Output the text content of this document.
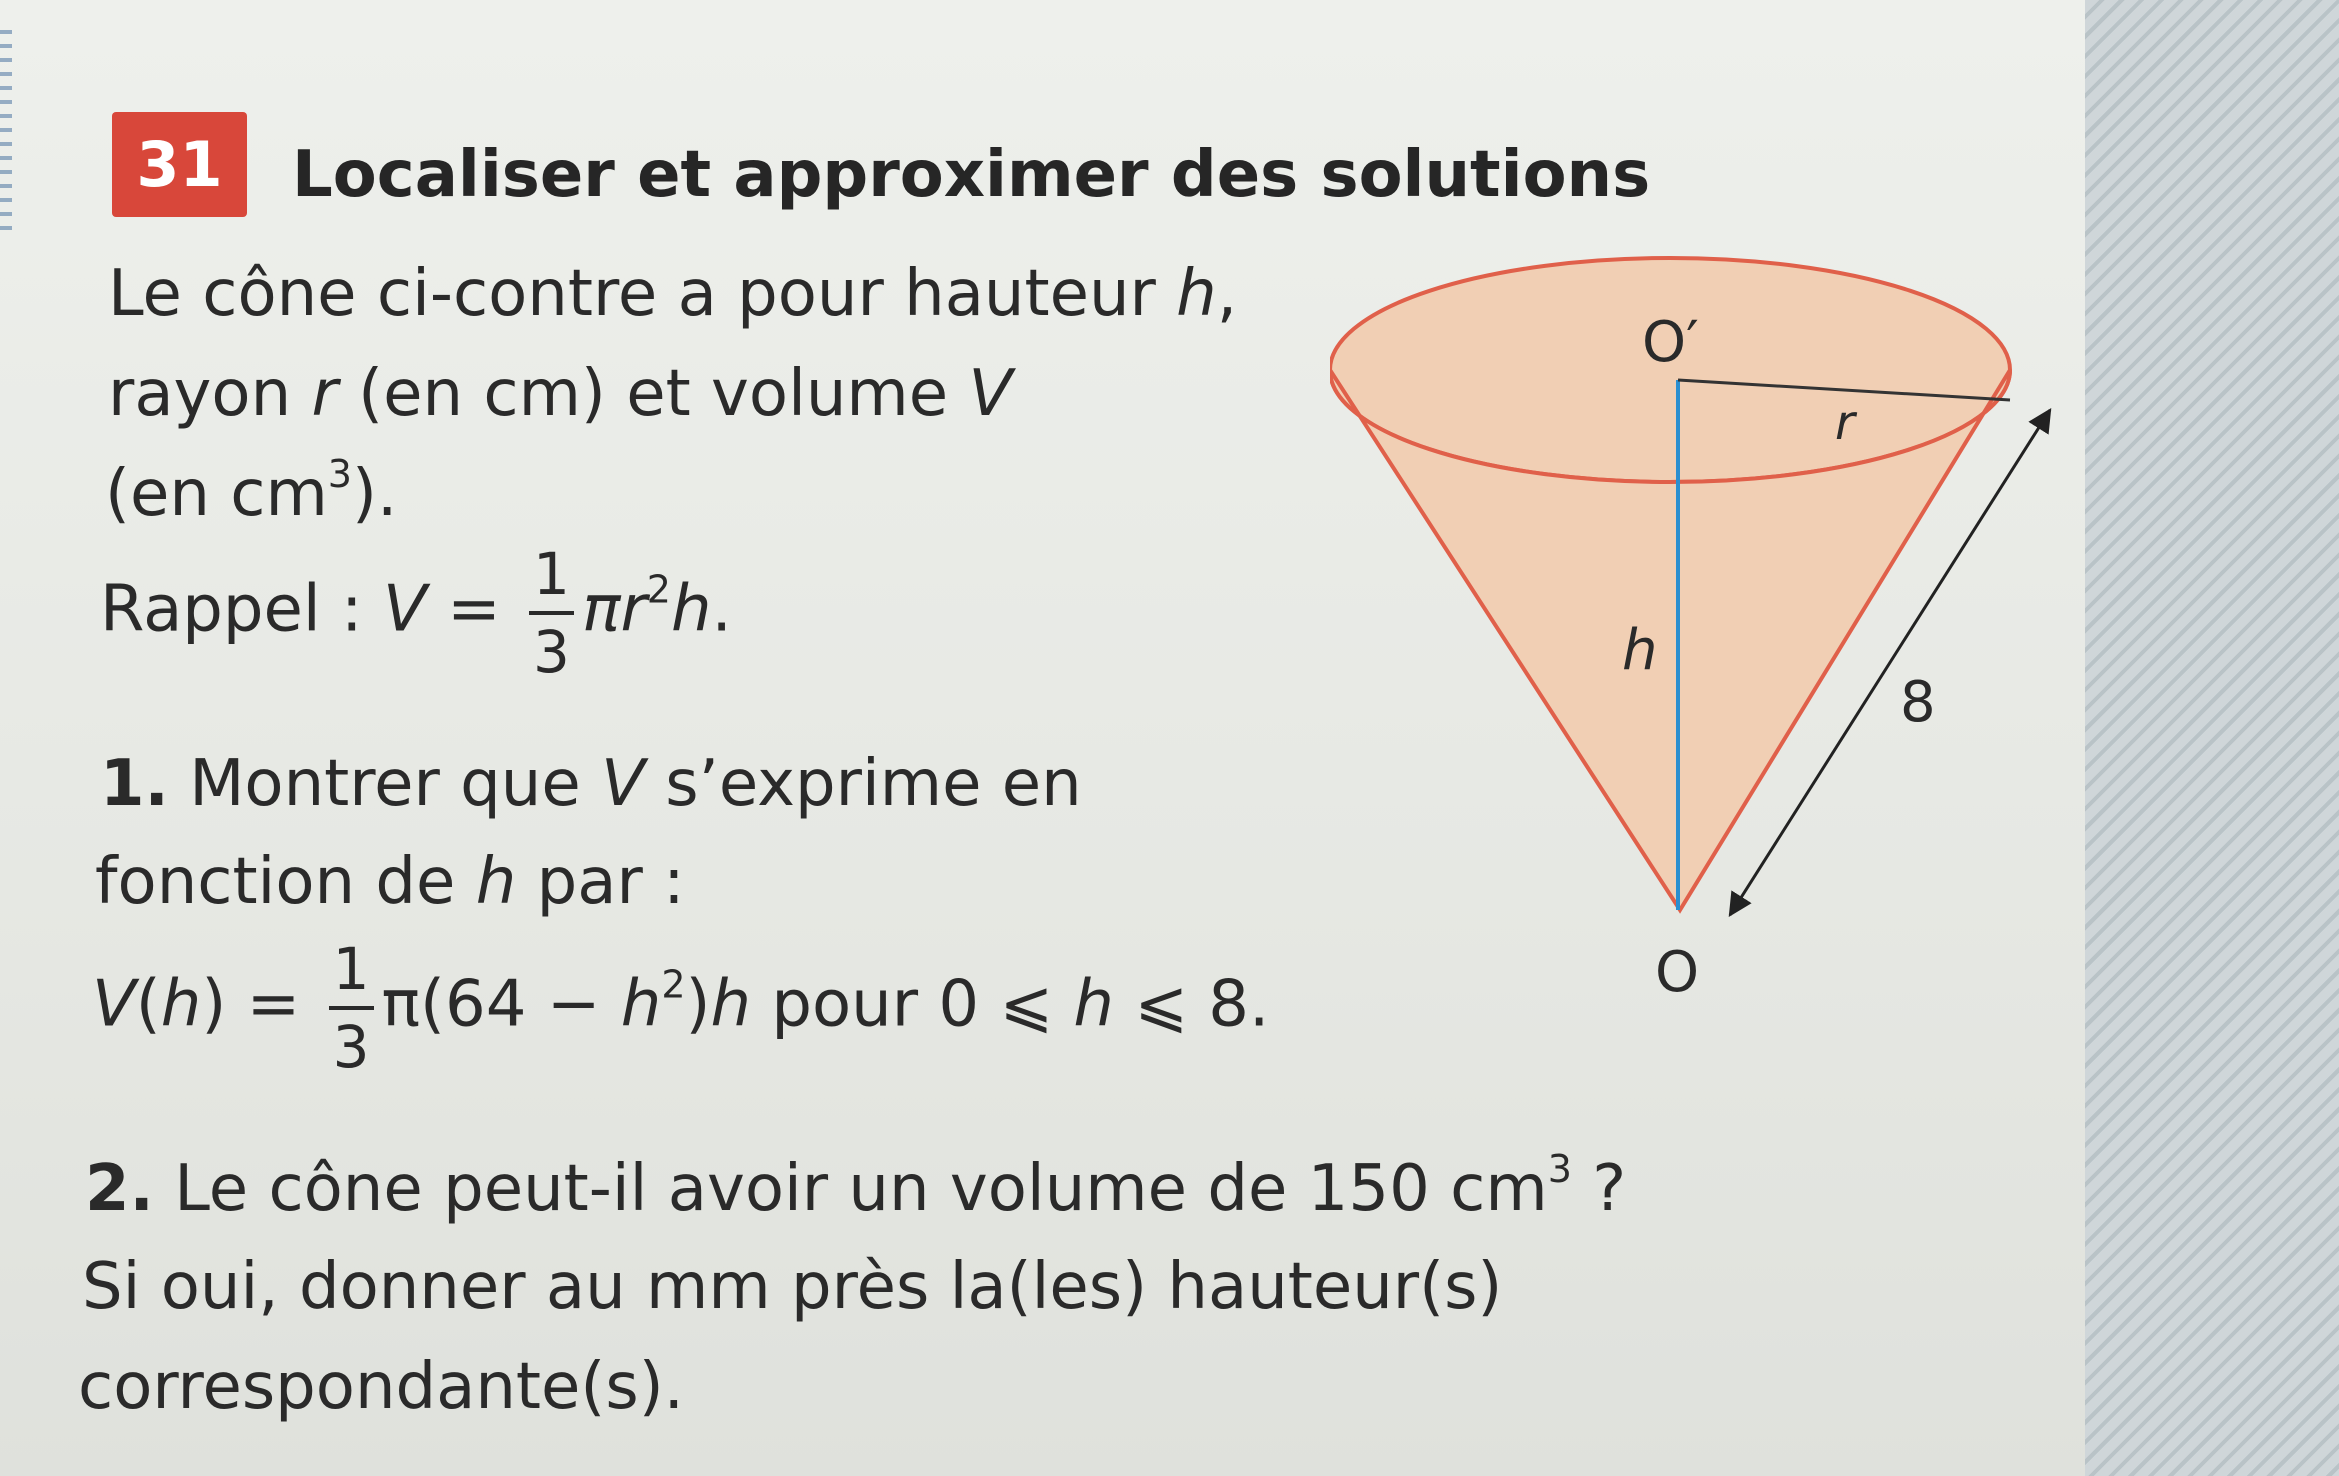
31	Localiser et approximer des solutions
Le cône ci-contre a pour hauteur h,
rayon r (en cm) et volume V
(en $cm^3$).
Rappel : $V = \frac{1}{3} \pi r^2h$.
1. Montrer que V s’exprime en
fonction de h par :
$V(h) = \frac{1}{3} \pi(64 - h^2)h$ pour 0 ⩽ h ⩽ 8.
2. Le cône peut-il avoir un volume de 150 $cm^3$ ?
Si oui, donner au mm près la(les) hauteur(s)
correspondante(s).
O′
r
h
8
O
